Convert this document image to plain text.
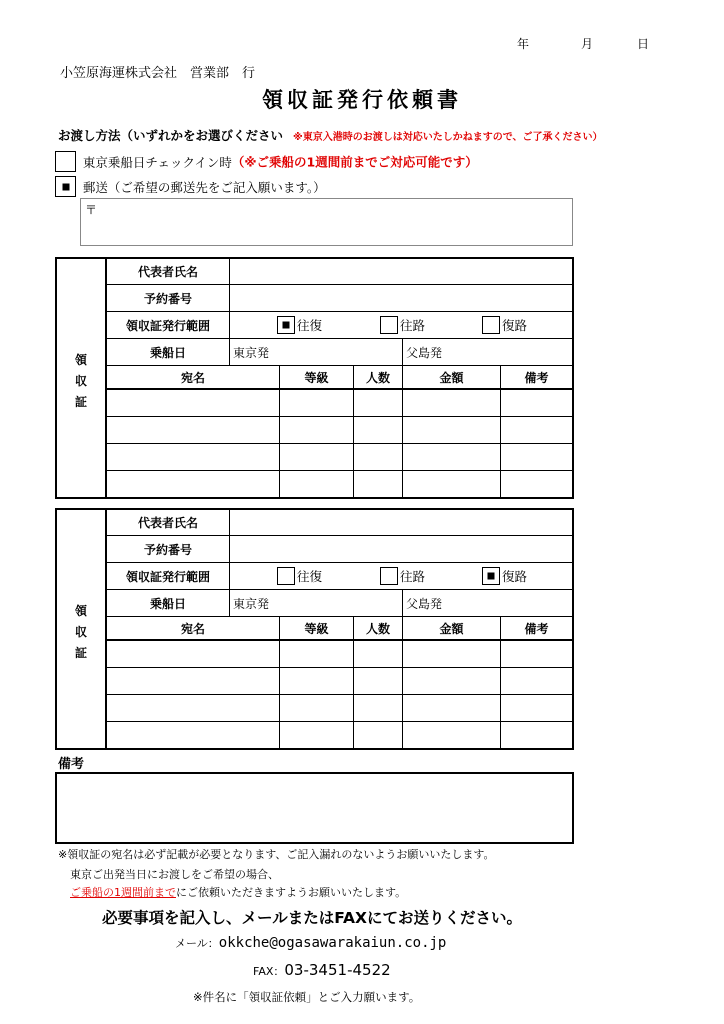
年	月	日
小笠原海運株式会社　営業部　行
領収証発行依頼書
お渡し方法（いずれかをお選びください ※東京入港時のお渡しは対応いたしかねますので、ご了承ください）
東京乗船日チェックイン時（※ご乗船の1週間前までご対応可能です）
郵送（ご希望の郵送先をご記入願います。）
〒
領
収
証
代表者氏名
予約番号
領収証発行範囲	往復	往路	復路
乗船日	東京発	父島発
宛名	等級	人数	金額	備考
領
収
証
代表者氏名
予約番号
領収証発行範囲	往復	往路	復路
乗船日	東京発	父島発
宛名	等級	人数	金額	備考
備考
※領収証の宛名は必ず記載が必要となります、ご記入漏れのないようお願いいたします。
東京ご出発当日にお渡しをご希望の場合、
ご乗船の1週間前までにご依頼いただきますようお願いいたします。
必要事項を記入し、メールまたはFAXにてお送りください。
メール：okkche@ogasawarakaiun.co.jp
FAX：03-3451-4522
※件名に「領収証依頼」とご入力願います。
